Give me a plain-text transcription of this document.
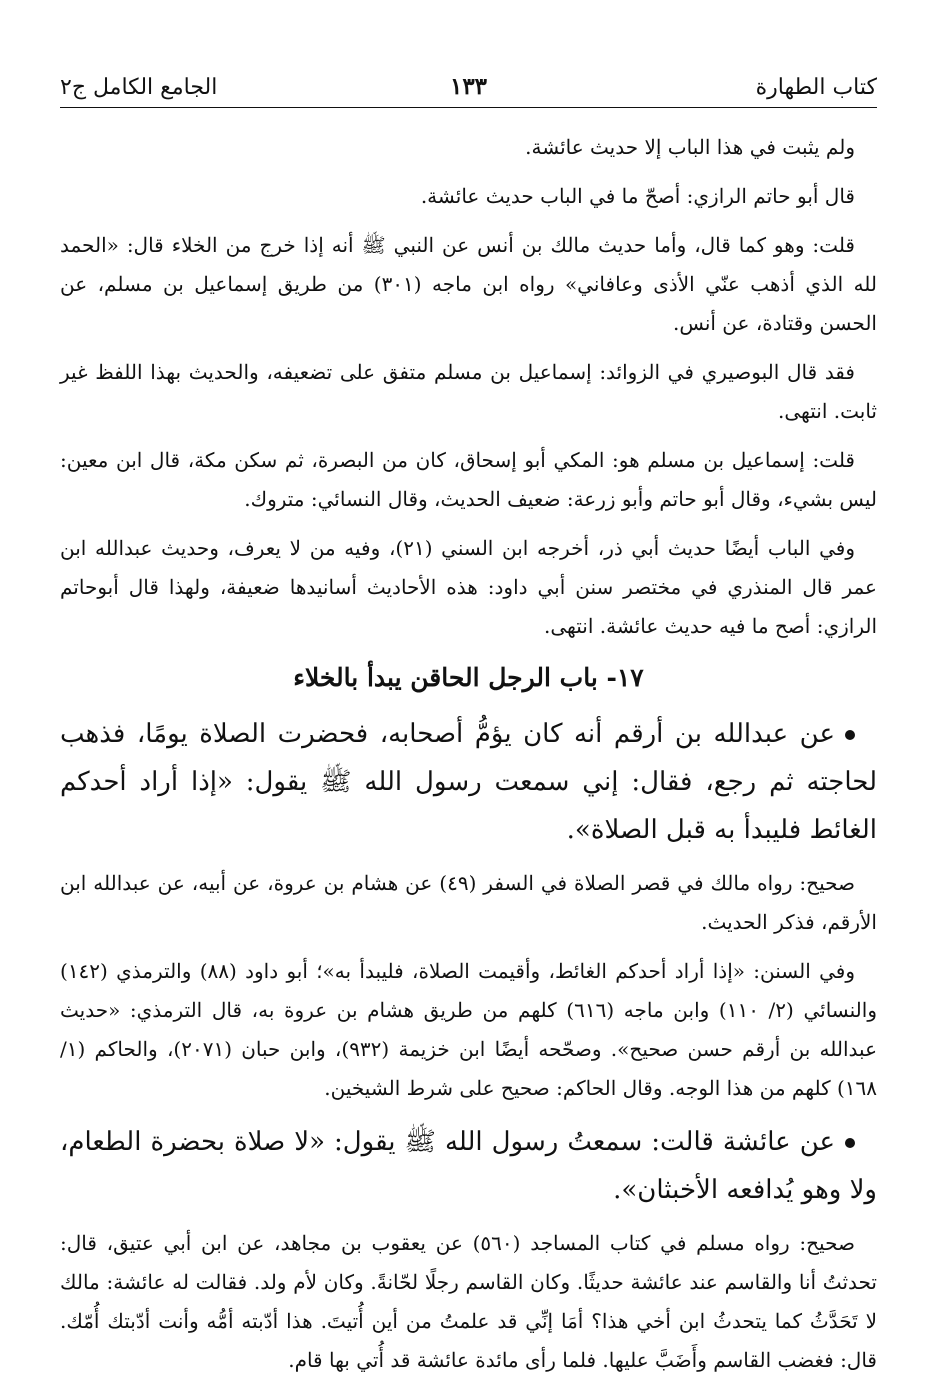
كتاب الطهارة
١٣٣
الجامع الكامل ج٢

ولم يثبت في هذا الباب إلا حديث عائشة.

قال أبو حاتم الرازي: أصحّ ما في الباب حديث عائشة.

قلت: وهو كما قال، وأما حديث مالك بن أنس عن النبي ﷺ أنه إذا خرج من الخلاء قال: «الحمد لله الذي أذهب عنّي الأذى وعافاني» رواه ابن ماجه (٣٠١) من طريق إسماعيل بن مسلم، عن الحسن وقتادة، عن أنس.

فقد قال البوصيري في الزوائد: إسماعيل بن مسلم متفق على تضعيفه، والحديث بهذا اللفظ غير ثابت. انتهى.

قلت: إسماعيل بن مسلم هو: المكي أبو إسحاق، كان من البصرة، ثم سكن مكة، قال ابن معين: ليس بشيء، وقال أبو حاتم وأبو زرعة: ضعيف الحديث، وقال النسائي: متروك.

وفي الباب أيضًا حديث أبي ذر، أخرجه ابن السني (٢١)، وفيه من لا يعرف، وحديث عبدالله ابن عمر قال المنذري في مختصر سنن أبي داود: هذه الأحاديث أسانيدها ضعيفة، ولهذا قال أبوحاتم الرازي: أصح ما فيه حديث عائشة. انتهى.

١٧- باب الرجل الحاقن يبدأ بالخلاء

عن عبدالله بن أرقم أنه كان يؤمُّ أصحابه، فحضرت الصلاة يومًا، فذهب لحاجته ثم رجع، فقال: إني سمعت رسول الله ﷺ يقول: «إذا أراد أحدكم الغائط فليبدأ به قبل الصلاة».

صحيح: رواه مالك في قصر الصلاة في السفر (٤٩) عن هشام بن عروة، عن أبيه، عن عبدالله ابن الأرقم، فذكر الحديث.

وفي السنن: «إذا أراد أحدكم الغائط، وأقيمت الصلاة، فليبدأ به»؛ أبو داود (٨٨) والترمذي (١٤٢) والنسائي (٢/ ١١٠) وابن ماجه (٦١٦) كلهم من طريق هشام بن عروة به، قال الترمذي: «حديث عبدالله بن أرقم حسن صحيح». وصحّحه أيضًا ابن خزيمة (٩٣٢)، وابن حبان (٢٠٧١)، والحاكم (١/ ١٦٨) كلهم من هذا الوجه. وقال الحاكم: صحيح على شرط الشيخين.

عن عائشة قالت: سمعتُ رسول الله ﷺ يقول: «لا صلاة بحضرة الطعام، ولا وهو يُدافعه الأخبثان».

صحيح: رواه مسلم في كتاب المساجد (٥٦٠) عن يعقوب بن مجاهد، عن ابن أبي عتيق، قال: تحدثتُ أنا والقاسم عند عائشة حديثًا. وكان القاسم رجلًا لحّانةً. وكان لأم ولد. فقالت له عائشة: مالك لا تَحَدَّثُ كما يتحدثُ ابن أخي هذا؟ أمَا إنِّي قد علمتُ من أين أُتيتَ. هذا أدّبته أمُّه وأنت أدّبتك أُمّك. قال: فغضب القاسم وأَضَبَّ عليها. فلما رأى مائدة عائشة قد أُتي بها قام.
